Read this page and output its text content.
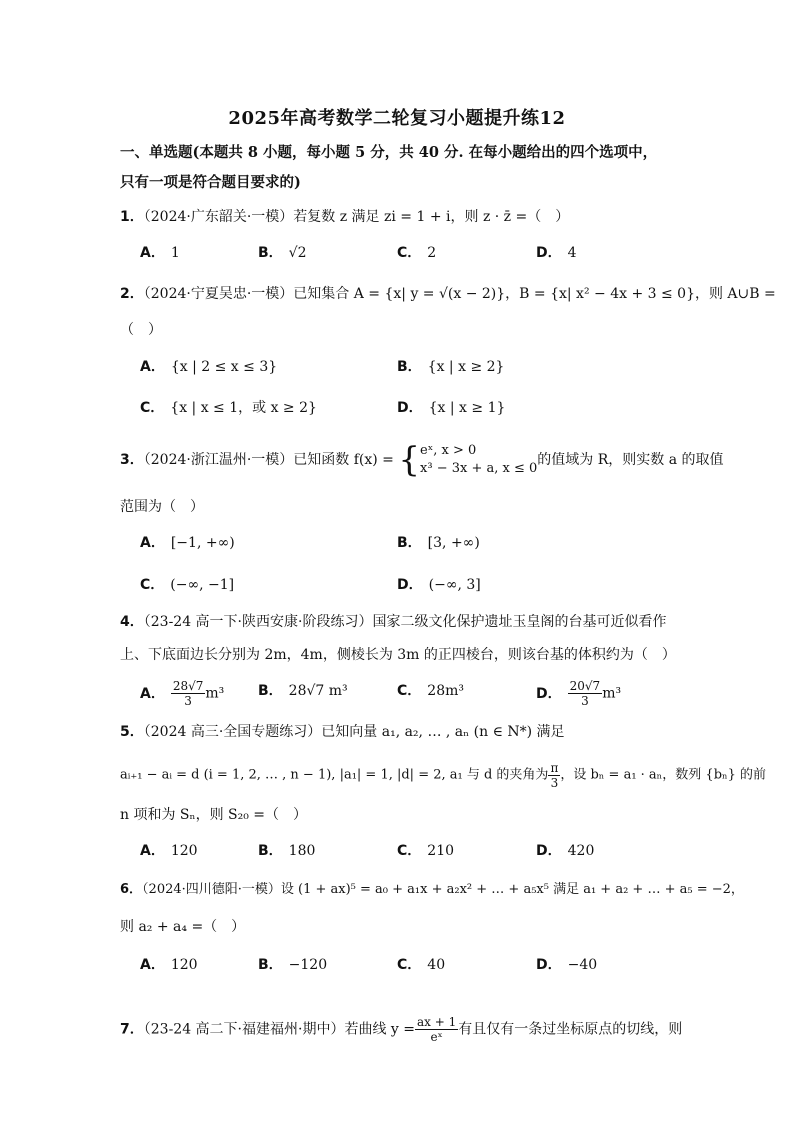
2025年高考数学二轮复习小题提升练12
一、单选题(本题共 8 小题，每小题 5 分，共 40 分. 在每小题给出的四个选项中，
只有一项是符合题目要求的)
1．（2024·广东韶关·一模）若复数 z 满足 zi = 1 + i，则 z · z̄ =（　）
A． 1	B． √2	C． 2	D． 4
2．（2024·宁夏吴忠·一模）已知集合 A = {x| y = √(x − 2)}，B = {x| x² − 4x + 3 ≤ 0}，则 A∪B =
（　）
A． {x | 2 ≤ x ≤ 3}	B． {x | x ≥ 2}
C． {x | x ≤ 1，或 x ≥ 2}	D． {x | x ≥ 1}
3．（2024·浙江温州·一模）已知函数 f(x) = { eˣ, x > 0
x³ − 3x + a, x ≤ 0
的值域为 R，则实数 a 的取值
范围为（　）
A． [−1, +∞)	B． [3, +∞)
C． (−∞, −1]	D． (−∞, 3]
4．（23-24 高一下·陕西安康·阶段练习）国家二级文化保护遗址玉皇阁的台基可近似看作
上、下底面边长分别为 2m，4m，侧棱长为 3m 的正四棱台，则该台基的体积约为（　）
A． $\frac{28√7}{3} m^3$ B． 28√7 m³	C． 28m³	D． $\frac{20√7}{3} m^3$
5．（2024 高三·全国专题练习）已知向量 a₁, a₂, … , aₙ (n ∈ N*) 满足
aᵢ₊₁ − aᵢ = d (i = 1, 2, … , n − 1), |a₁| = 1, |d| = 2, a₁ 与 d 的夹角为 $\frac{\pi}{3}$ ，设 bₙ = a₁ · aₙ，数列 {bₙ} 的前
n 项和为 Sₙ，则 S₂₀ =（　）
A． 120	B． 180	C． 210	D． 420
6．（2024·四川德阳·一模）设 (1 + ax)⁵ = a₀ + a₁x + a₂x² + … + a₅x⁵ 满足 a₁ + a₂ + … + a₅ = −2，
则 a₂ + a₄ =（　）
A． 120	B． −120	C． 40	D． −40
7．（23-24 高二下·福建福州·期中）若曲线 $y = \frac{ax + 1}{\text{eˣ}}$ 有且仅有一条过坐标原点的切线，则
